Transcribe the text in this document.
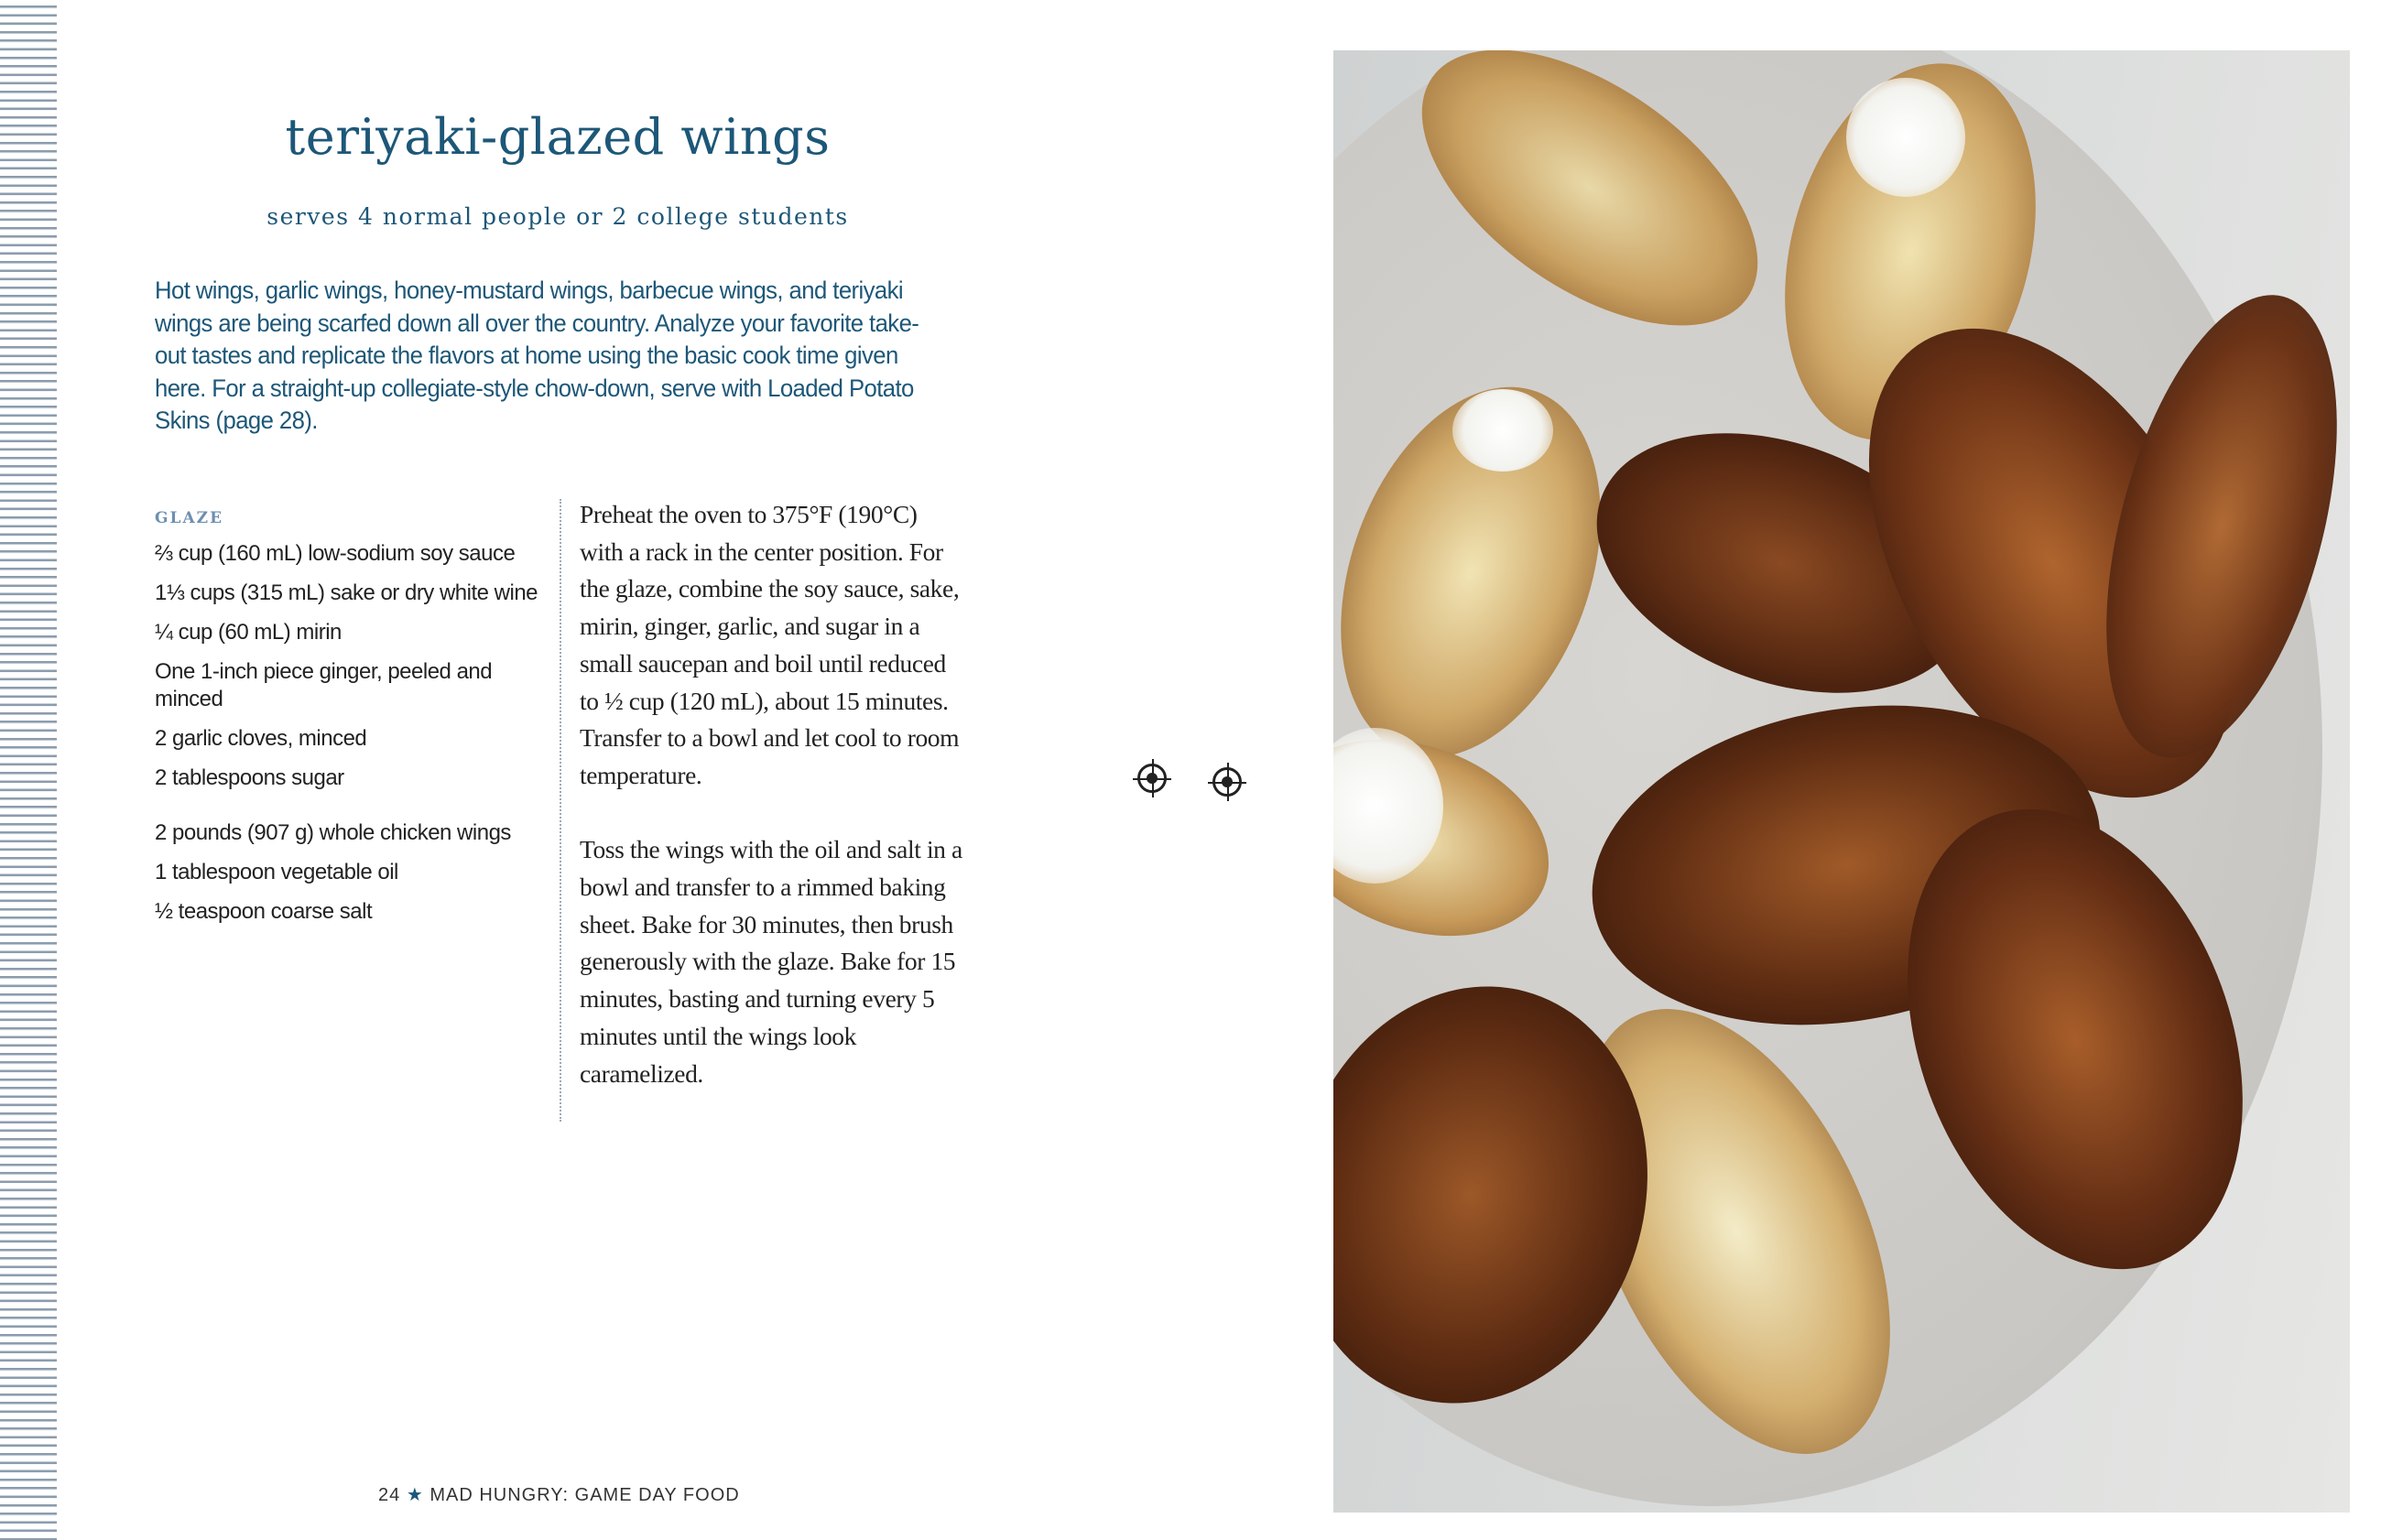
teriyaki-glazed wings
serves 4 normal people or 2 college students
Hot wings, garlic wings, honey-mustard wings, barbecue wings, and teriyaki wings are being scarfed down all over the country. Analyze your favorite take-out tastes and replicate the flavors at home using the basic cook time given here. For a straight-up collegiate-style chow-down, serve with Loaded Potato Skins (page 28).
GLAZE
⅔ cup (160 mL) low-sodium soy sauce
1⅓ cups (315 mL) sake or dry white wine
¼ cup (60 mL) mirin
One 1-inch piece ginger, peeled and minced
2 garlic cloves, minced
2 tablespoons sugar
2 pounds (907 g) whole chicken wings
1 tablespoon vegetable oil
½ teaspoon coarse salt

Preheat the oven to 375°F (190°C) with a rack in the center position. For the glaze, combine the soy sauce, sake, mirin, ginger, garlic, and sugar in a small saucepan and boil until reduced to ½ cup (120 mL), about 15 minutes. Transfer to a bowl and let cool to room temperature.

Toss the wings with the oil and salt in a bowl and transfer to a rimmed baking sheet. Bake for 30 minutes, then brush generously with the glaze. Bake for 15 minutes, basting and turning every 5 minutes until the wings look caramelized.

24 ★ MAD HUNGRY: GAME DAY FOOD
